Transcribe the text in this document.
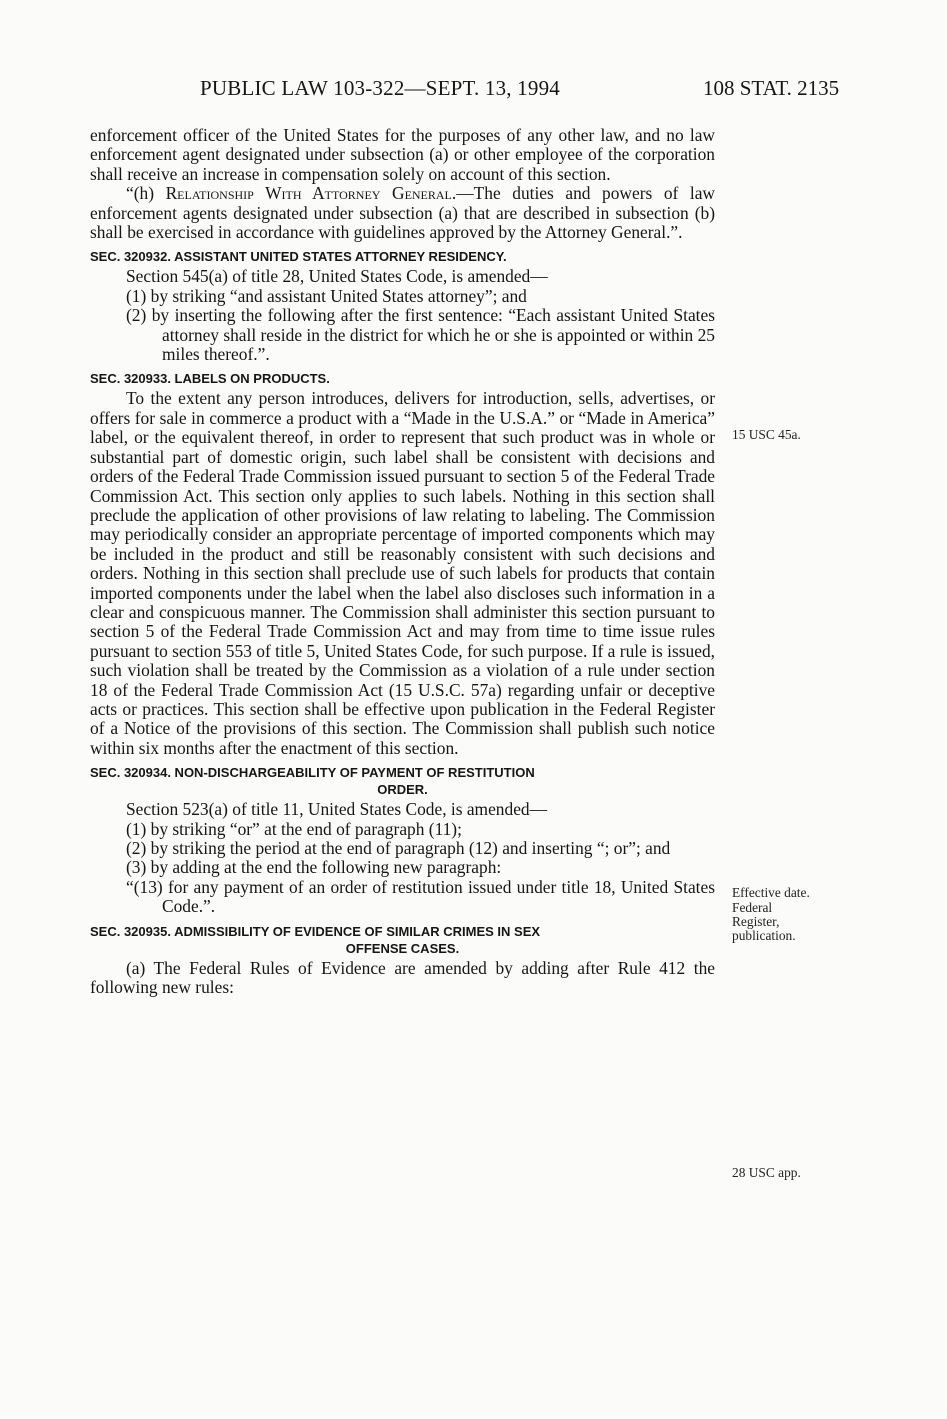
PUBLIC LAW 103-322—SEPT. 13, 1994	108 STAT. 2135

enforcement officer of the United States for the purposes of any other law, and no law enforcement agent designated under subsection (a) or other employee of the corporation shall receive an increase in compensation solely on account of this section.

“(h) Relationship With Attorney General.—The duties and powers of law enforcement agents designated under subsection (a) that are described in subsection (b) shall be exercised in accordance with guidelines approved by the Attorney General.”.

SEC. 320932. ASSISTANT UNITED STATES ATTORNEY RESIDENCY.

Section 545(a) of title 28, United States Code, is amended—

(1) by striking “and assistant United States attorney”; and

(2) by inserting the following after the first sentence: “Each assistant United States attorney shall reside in the district for which he or she is appointed or within 25 miles thereof.”.

SEC. 320933. LABELS ON PRODUCTS.

To the extent any person introduces, delivers for introduction, sells, advertises, or offers for sale in commerce a product with a “Made in the U.S.A.” or “Made in America” label, or the equivalent thereof, in order to represent that such product was in whole or substantial part of domestic origin, such label shall be consistent with decisions and orders of the Federal Trade Commission issued pursuant to section 5 of the Federal Trade Commission Act. This section only applies to such labels. Nothing in this section shall preclude the application of other provisions of law relating to labeling. The Commission may periodically consider an appropriate percentage of imported components which may be included in the product and still be reasonably consistent with such decisions and orders. Nothing in this section shall preclude use of such labels for products that contain imported components under the label when the label also discloses such information in a clear and conspicuous manner. The Commission shall administer this section pursuant to section 5 of the Federal Trade Commission Act and may from time to time issue rules pursuant to section 553 of title 5, United States Code, for such purpose. If a rule is issued, such violation shall be treated by the Commission as a violation of a rule under section 18 of the Federal Trade Commission Act (15 U.S.C. 57a) regarding unfair or deceptive acts or practices. This section shall be effective upon publication in the Federal Register of a Notice of the provisions of this section. The Commission shall publish such notice within six months after the enactment of this section.

SEC. 320934. NON-DISCHARGEABILITY OF PAYMENT OF RESTITUTION
ORDER.

Section 523(a) of title 11, United States Code, is amended—

(1) by striking “or” at the end of paragraph (11);

(2) by striking the period at the end of paragraph (12) and inserting “; or”; and

(3) by adding at the end the following new paragraph:

“(13) for any payment of an order of restitution issued under title 18, United States Code.”.

SEC. 320935. ADMISSIBILITY OF EVIDENCE OF SIMILAR CRIMES IN SEX
OFFENSE CASES.

(a) The Federal Rules of Evidence are amended by adding after Rule 412 the following new rules:

15 USC 45a.
Effective date.
Federal Register, publication.
28 USC app.
